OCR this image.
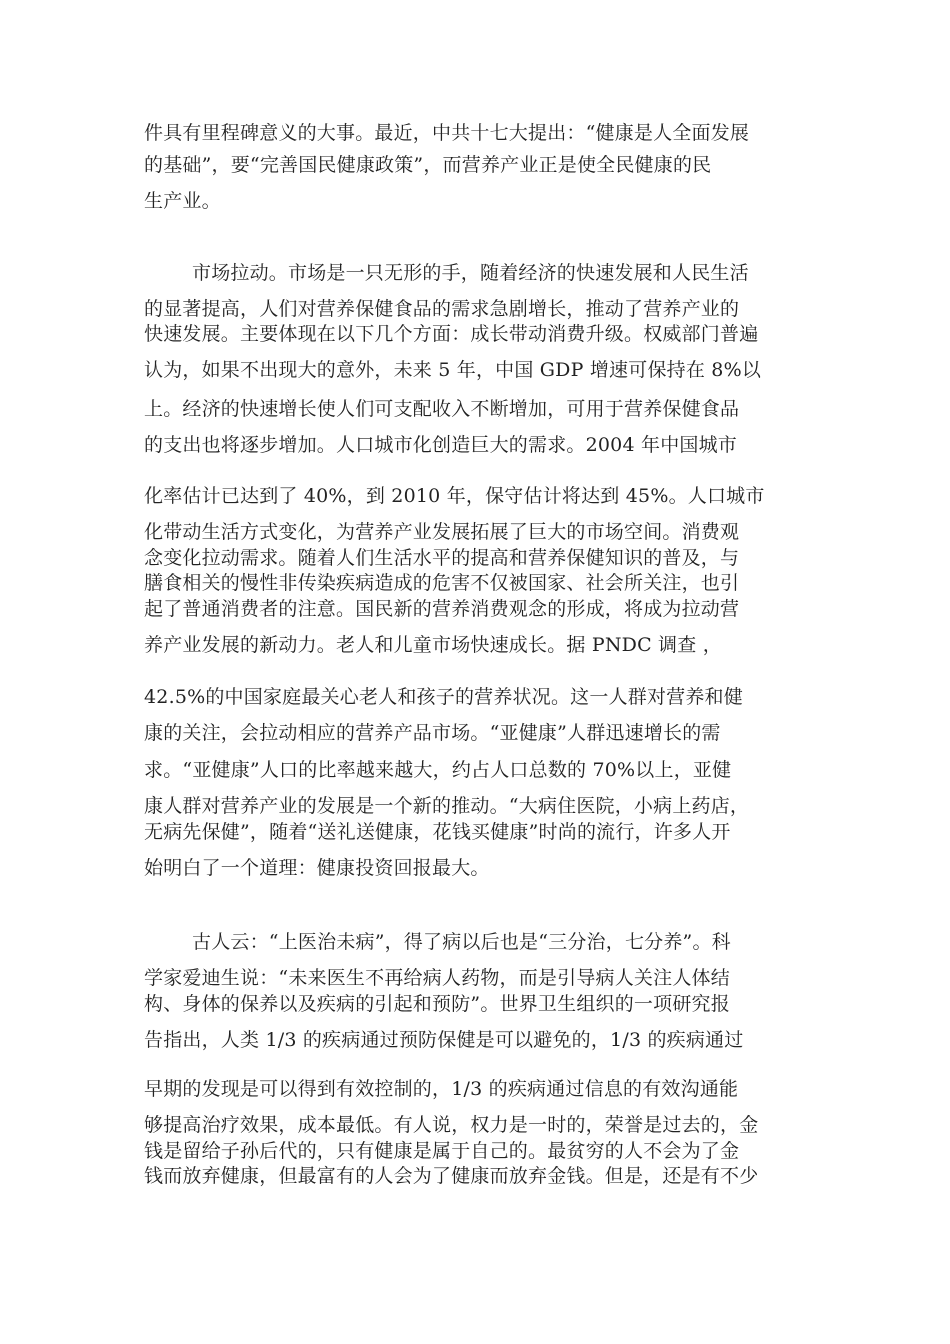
件具有里程碑意义的大事。最近，中共十七大提出：“健康是人全面发展
的基础”，要“完善国民健康政策”，而营养产业正是使全民健康的民
生产业。
市场拉动。市场是一只无形的手，随着经济的快速发展和人民生活
的显著提高，人们对营养保健食品的需求急剧增长，推动了营养产业的
快速发展。主要体现在以下几个方面：成长带动消费升级。权威部门普遍
认为，如果不出现大的意外，未来 5 年，中国 GDP 增速可保持在 8%以
上。经济的快速增长使人们可支配收入不断增加，可用于营养保健食品
的支出也将逐步增加。人口城市化创造巨大的需求。2004 年中国城市
化率估计已达到了 40%，到 2010 年，保守估计将达到 45%。人口城市
化带动生活方式变化，为营养产业发展拓展了巨大的市场空间。消费观
念变化拉动需求。随着人们生活水平的提高和营养保健知识的普及，与
膳食相关的慢性非传染疾病造成的危害不仅被国家、社会所关注，也引
起了普通消费者的注意。国民新的营养消费观念的形成，将成为拉动营
养产业发展的新动力。老人和儿童市场快速成长。据 PNDC 调查 ，
42.5%的中国家庭最关心老人和孩子的营养状况。这一人群对营养和健
康的关注，会拉动相应的营养产品市场。“亚健康”人群迅速增长的需
求。“亚健康”人口的比率越来越大，约占人口总数的 70%以上，亚健
康人群对营养产业的发展是一个新的推动。“大病住医院，小病上药店，
无病先保健”，随着“送礼送健康，花钱买健康”时尚的流行，许多人开
始明白了一个道理：健康投资回报最大。
古人云：“上医治未病”，得了病以后也是“三分治，七分养”。科
学家爱迪生说：“未来医生不再给病人药物，而是引导病人关注人体结
构、身体的保养以及疾病的引起和预防”。世界卫生组织的一项研究报
告指出，人类 1/3 的疾病通过预防保健是可以避免的，1/3 的疾病通过
早期的发现是可以得到有效控制的，1/3 的疾病通过信息的有效沟通能
够提高治疗效果，成本最低。有人说，权力是一时的，荣誉是过去的，金
钱是留给子孙后代的，只有健康是属于自己的。最贫穷的人不会为了金
钱而放弃健康，但最富有的人会为了健康而放弃金钱。但是，还是有不少
